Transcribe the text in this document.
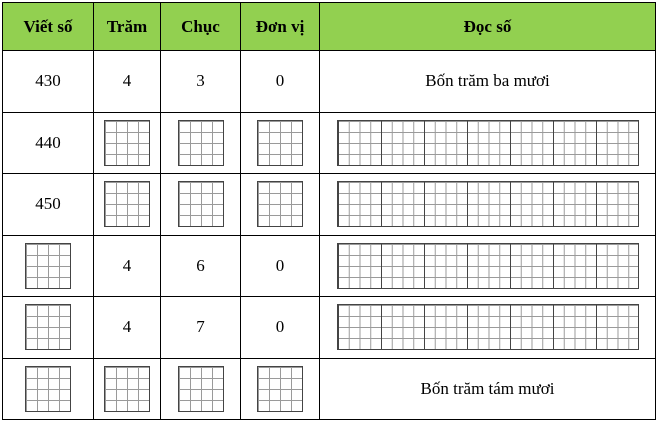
Viết số	Trăm	Chục	Đơn vị	Đọc số
430	4	3	0	Bốn trăm ba mươi
440				
450				
	4	6	0	
	4	7	0	
				Bốn trăm tám mươi
